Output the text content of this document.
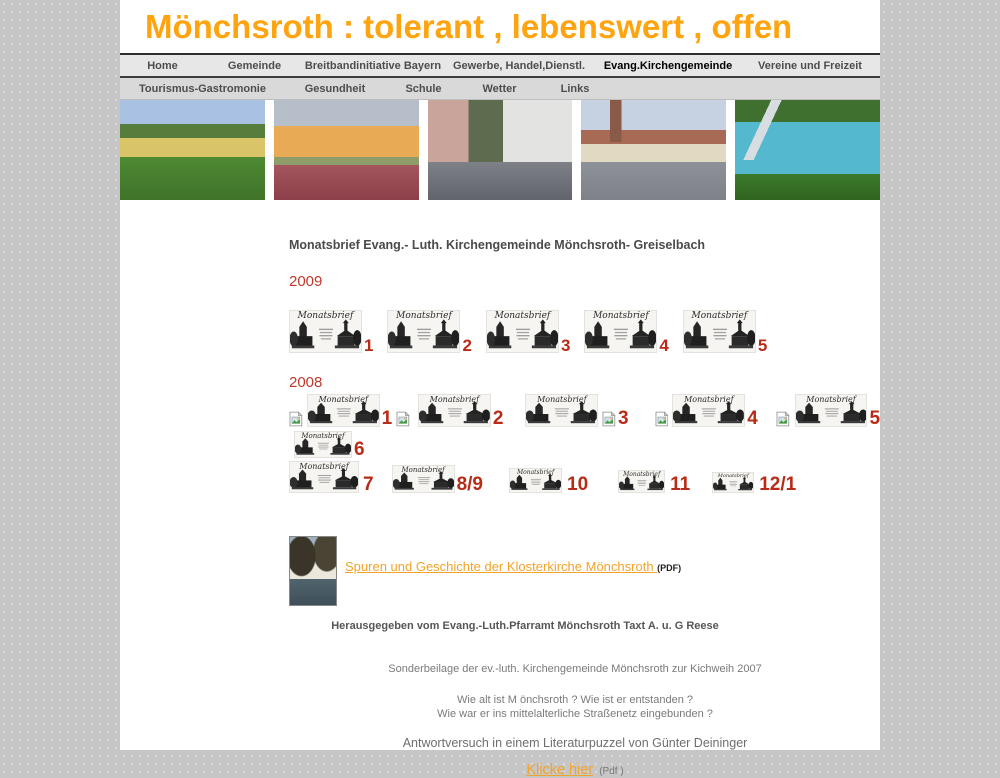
Mönchsroth : tolerant , lebenswert , offen
Home	Gemeinde	Breitbandinitiative Bayern	Gewerbe, Handel,Dienstl.	Evang.Kirchengemeinde	Vereine und Freizeit
Tourismus-Gastromonie	Gesundheit	Schule	Wetter	Links
Monatsbrief Evang.- Luth. Kirchengemeinde Mönchsroth- Greiselbach
2009
Monatsbrief
1
Monatsbrief
2
Monatsbrief
3
Monatsbrief
4
Monatsbrief
5
2008
Monatsbrief
1
Monatsbrief
2
Monatsbrief
3
Monatsbrief
4
Monatsbrief
5
Monatsbrief
6
Monatsbrief
7
Monatsbrief
8/9
Monatsbrief
10	Monatsbrief 11	Monatsbrief 12/1
Spuren und Geschichte der Klosterkirche Mönchsroth (PDF)
Herausgegeben vom Evang.-Luth.Pfarramt Mönchsroth Taxt A. u. G Reese
Sonderbeilage der ev.-luth. Kirchengemeinde Mönchsroth zur Kichweih 2007
Wie alt ist M önchsroth ? Wie ist er entstanden ?
Wie war er ins mittelalterliche Straßenetz eingebunden ?
Antwortversuch in einem Literaturpuzzel von Günter Deininger
Klicke hier (Pdf )
